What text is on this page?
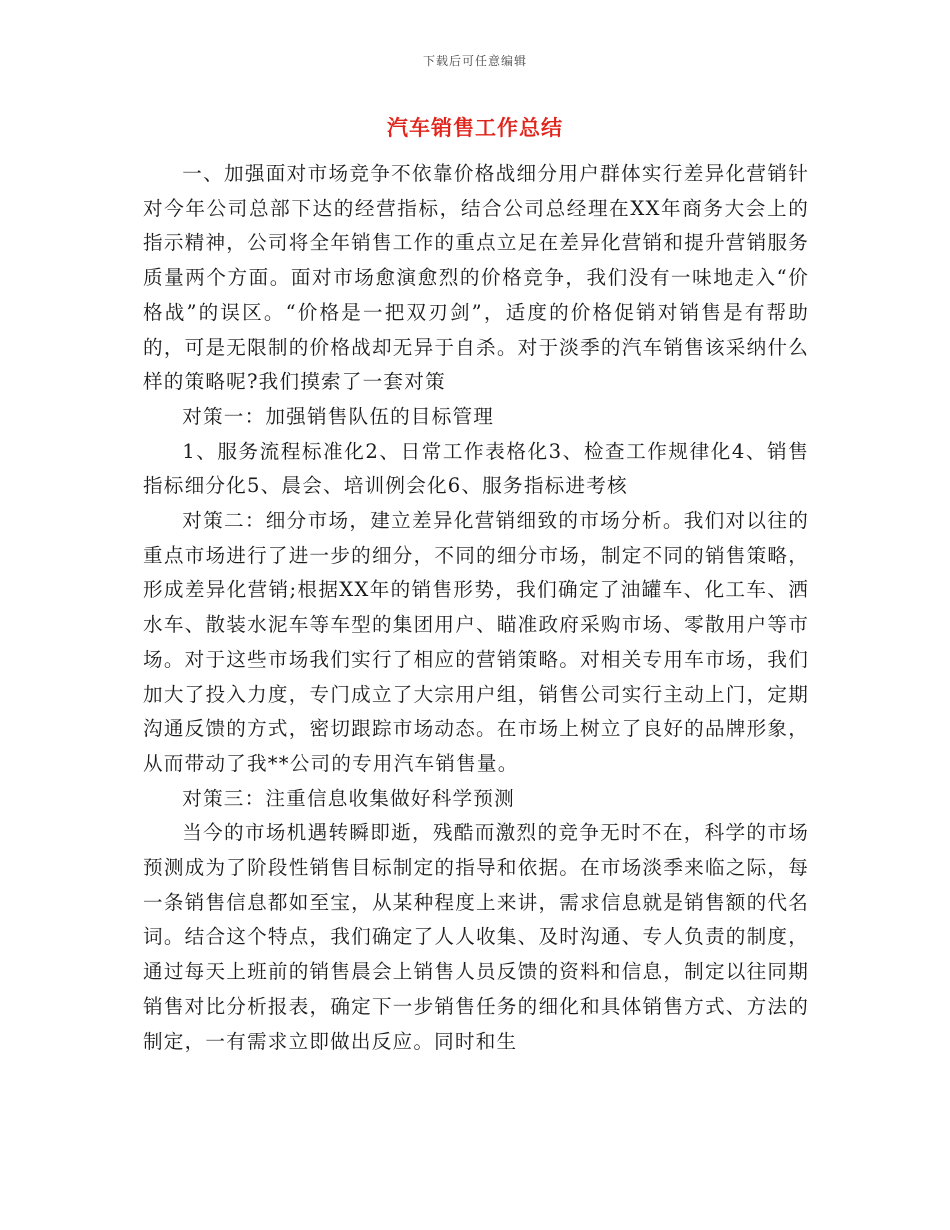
下载后可任意编辑
汽车销售工作总结

一、加强面对市场竞争不依靠价格战细分用户群体实行差异化营销针对今年公司总部下达的经营指标，结合公司总经理在XX年商务大会上的指示精神，公司将全年销售工作的重点立足在差异化营销和提升营销服务质量两个方面。面对市场愈演愈烈的价格竞争，我们没有一味地走入“价格战”的误区。“价格是一把双刃剑”，适度的价格促销对销售是有帮助的，可是无限制的价格战却无异于自杀。对于淡季的汽车销售该采纳什么样的策略呢?我们摸索了一套对策

对策一：加强销售队伍的目标管理

1、服务流程标准化2、日常工作表格化3、检查工作规律化4、销售指标细分化5、晨会、培训例会化6、服务指标进考核

对策二：细分市场，建立差异化营销细致的市场分析。我们对以往的重点市场进行了进一步的细分，不同的细分市场，制定不同的销售策略，形成差异化营销;根据XX年的销售形势，我们确定了油罐车、化工车、洒水车、散装水泥车等车型的集团用户、瞄准政府采购市场、零散用户等市场。对于这些市场我们实行了相应的营销策略。对相关专用车市场，我们加大了投入力度，专门成立了大宗用户组，销售公司实行主动上门，定期沟通反馈的方式，密切跟踪市场动态。在市场上树立了良好的品牌形象，从而带动了我**公司的专用汽车销售量。

对策三：注重信息收集做好科学预测

当今的市场机遇转瞬即逝，残酷而激烈的竞争无时不在，科学的市场预测成为了阶段性销售目标制定的指导和依据。在市场淡季来临之际，每一条销售信息都如至宝，从某种程度上来讲，需求信息就是销售额的代名词。结合这个特点，我们确定了人人收集、及时沟通、专人负责的制度，通过每天上班前的销售晨会上销售人员反馈的资料和信息，制定以往同期销售对比分析报表，确定下一步销售任务的细化和具体销售方式、方法的制定，一有需求立即做出反应。同时和生
